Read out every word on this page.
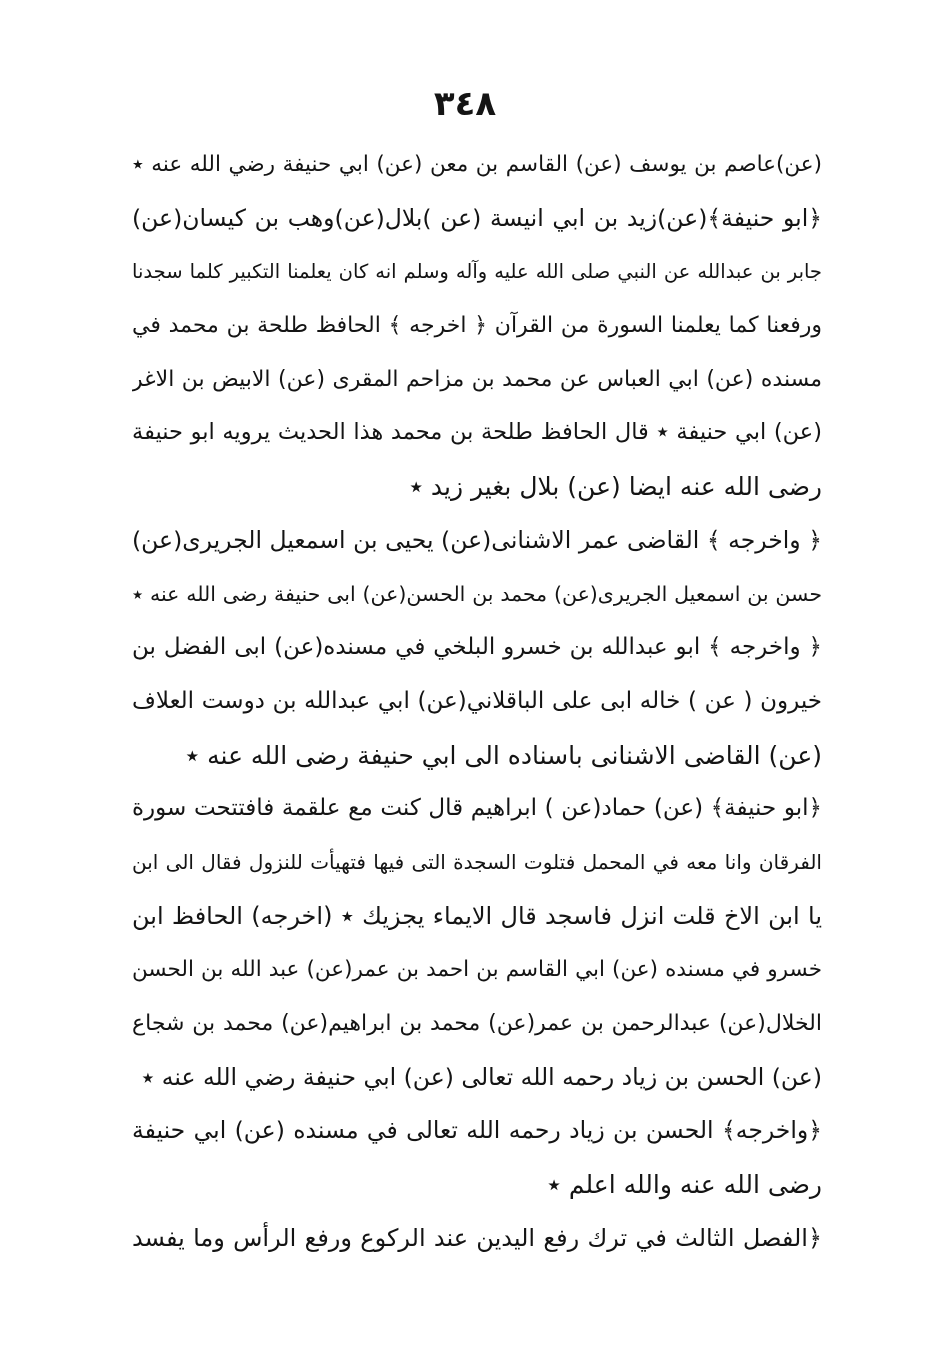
٣٤٨
(عن)عاصم بن يوسف (عن) القاسم بن معن (عن) ابي حنيفة رضي الله عنه ٭
﴿ابو حنيفة﴾(عن)زيد بن ابي انيسة (عن )بلال(عن)وهب بن كيسان(عن)
جابر بن عبدالله عن النبي صلى الله عليه وآله وسلم انه كان يعلمنا التكبير كلما سجدنا
ورفعنا كما يعلمنا السورة من القرآن ﴿ اخرجه ﴾ الحافظ طلحة بن محمد في
مسنده (عن) ابي العباس عن محمد بن مزاحم المقرى (عن) الابيض بن الاغر
(عن) ابي حنيفة ٭ قال الحافظ طلحة بن محمد هذا الحديث يرويه ابو حنيفة
رضى الله عنه ايضا (عن) بلال بغير زيد ٭
﴿ واخرجه ﴾ القاضى عمر الاشنانى(عن) يحيى بن اسمعيل الجريرى(عن)
حسن بن اسمعيل الجريرى(عن) محمد بن الحسن(عن) ابى حنيفة رضى الله عنه ٭
﴿ واخرجه ﴾ ابو عبدالله بن خسرو البلخي في مسنده(عن) ابى الفضل بن
خيرون ( عن ) خاله ابى على الباقلاني(عن) ابي عبدالله بن دوست العلاف
(عن) القاضى الاشنانى باسناده الى ابي حنيفة رضى الله عنه ٭
﴿ابو حنيفة﴾ (عن) حماد(عن ) ابراهيم قال كنت مع علقمة فافتتحت سورة
الفرقان وانا معه في المحمل فتلوت السجدة التى فيها فتهيأت للنزول فقال الى ابن
يا ابن الاخ قلت انزل فاسجد قال الايماء يجزيك ٭ (اخرجه) الحافظ ابن
خسرو في مسنده (عن) ابي القاسم بن احمد بن عمر(عن) عبد الله بن الحسن
الخلال(عن) عبدالرحمن بن عمر(عن) محمد بن ابراهيم(عن) محمد بن شجاع
(عن) الحسن بن زياد رحمه الله تعالى (عن) ابي حنيفة رضي الله عنه ٭
﴿واخرجه﴾ الحسن بن زياد رحمه الله تعالى في مسنده (عن) ابي حنيفة
رضى الله عنه والله اعلم ٭
﴿الفصل الثالث في ترك رفع اليدين عند الركوع ورفع الرأس وما يفسد
